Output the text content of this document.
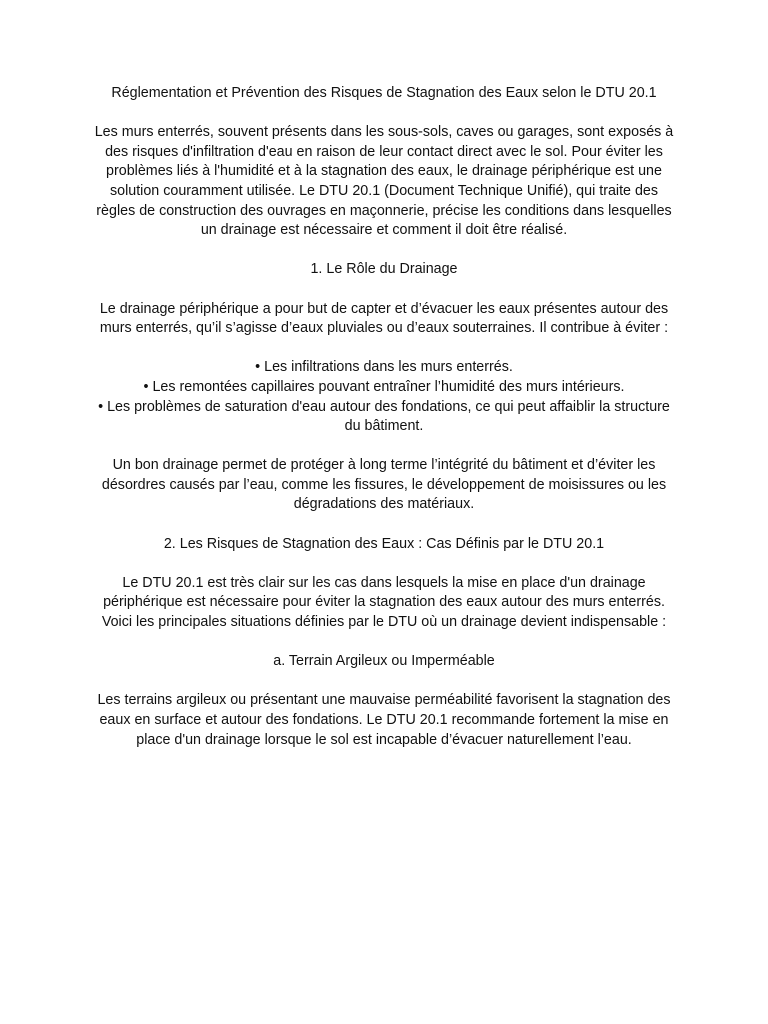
Réglementation et Prévention des Risques de Stagnation des Eaux selon le DTU 20.1

Les murs enterrés, souvent présents dans les sous-sols, caves ou garages, sont exposés à des risques d'infiltration d'eau en raison de leur contact direct avec le sol. Pour éviter les problèmes liés à l'humidité et à la stagnation des eaux, le drainage périphérique est une solution couramment utilisée. Le DTU 20.1 (Document Technique Unifié), qui traite des règles de construction des ouvrages en maçonnerie, précise les conditions dans lesquelles un drainage est nécessaire et comment il doit être réalisé.

1. Le Rôle du Drainage

Le drainage périphérique a pour but de capter et d’évacuer les eaux présentes autour des murs enterrés, qu’il s’agisse d’eaux pluviales ou d’eaux souterraines. Il contribue à éviter :

• Les infiltrations dans les murs enterrés.
• Les remontées capillaires pouvant entraîner l’humidité des murs intérieurs.
• Les problèmes de saturation d'eau autour des fondations, ce qui peut affaiblir la structure du bâtiment.

Un bon drainage permet de protéger à long terme l’intégrité du bâtiment et d’éviter les désordres causés par l’eau, comme les fissures, le développement de moisissures ou les dégradations des matériaux.

2. Les Risques de Stagnation des Eaux : Cas Définis par le DTU 20.1

Le DTU 20.1 est très clair sur les cas dans lesquels la mise en place d'un drainage périphérique est nécessaire pour éviter la stagnation des eaux autour des murs enterrés. Voici les principales situations définies par le DTU où un drainage devient indispensable :

a. Terrain Argileux ou Imperméable

Les terrains argileux ou présentant une mauvaise perméabilité favorisent la stagnation des eaux en surface et autour des fondations. Le DTU 20.1 recommande fortement la mise en place d'un drainage lorsque le sol est incapable d’évacuer naturellement l’eau.
